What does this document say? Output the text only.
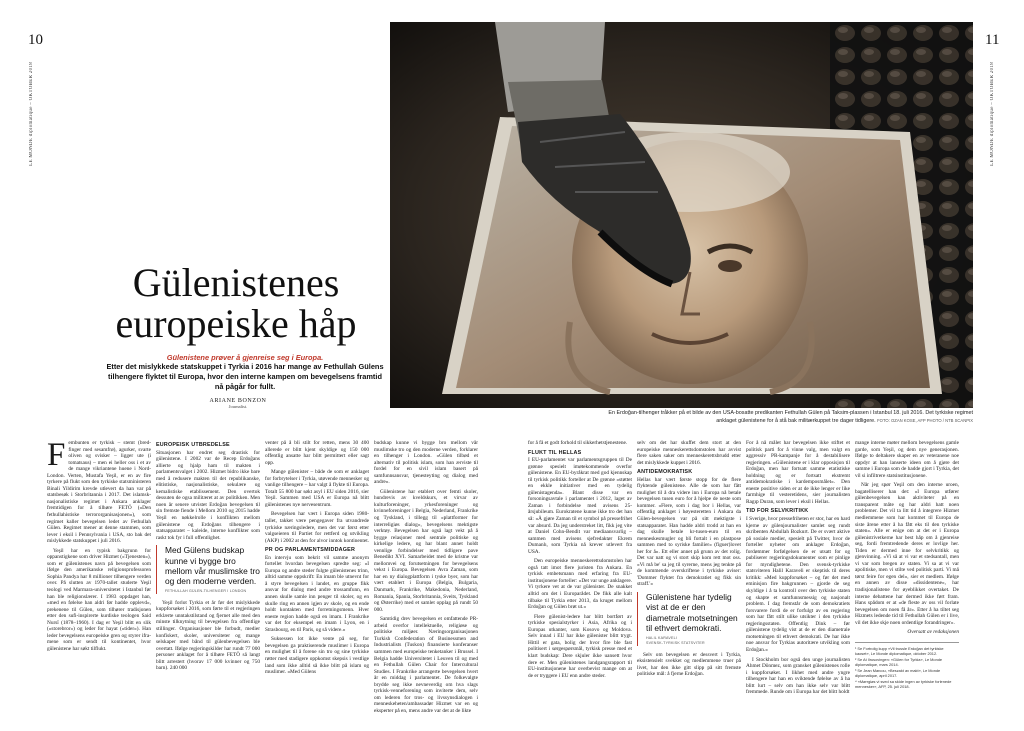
10	11
LE MONDE diplomatique – OKTOBER 2018	LE MONDE diplomatique – OKTOBER 2018
En Erdoğan-tilhenger tråkker på et bilde av den USA-bosatte predikanten Fethullah Gülen på Taksim-plassen i Istanbul 18. juli 2016. Det tyrkiske regimet anklaget gülenistene for å stå bak militærkuppet tre dager tidligere. FOTO: OZAN KOSE, AFP PHOTO / NTB SCANPIX
Gülenistenes
europeiske håp
Gülenistene prøver å gjenreise seg i Europa.
Etter det mislykkede statskuppet i Tyrkia i 2016 har mange av Fethullah Gülens tilhengere flyktet til Europa, hvor den interne kampen om bevegelsens framtid nå pågår for fullt.
ARIANE BONZON
Journalist.

Fembunten er tyrkisk – stemt (bred-finger med sesamfrø), agurker, svarte oliven og svisker – ligger ute (i tomatsaus) – men ei heller oss i et av de mange vikriantene huene i Nord-London. Verten, Mustafa Yeşil, er en av fire tyrkere på flukt som den tyrkiske statsministeren Binali Yildirim krevde utlevert da han var på statsbesøk i Storbritannia i 2017. Det islamsk-nasjonalistiske regimet i Ankara anklager fremtidigen for å tilhøre FETÖ («Den fethullahistiske terrororganisasjonen»), som regimet kaller bevegelsen ledet av Fethullah Gülen. Regimet mener at denne stammen, som lever i eksil i Pennsylvania i USA, sto bak det mislykkede statskuppet i juli 2016.

Yeşil har en typisk bakgrunn for oppanstigkene som driver Hizmet («Tjenesten»), som er gülenistenes navn på bevegelsen som ifølge den amerikanske religionsprofessoren Sophia Pandya har 8 millioner tilhengere verden over. På slutten av 1970-tallet studerte Yeşil teologi ved Marmara-universitetet i Istanbul før han ble religionslærer. I 1983 oppdaget han, «med en følelse han aldri før hadde opplevd», prekenene til Gülen, som tilhører tradisjonen etter den sufi-inspirerte kurdiske teologen Said Nursî (1878–1960). I dag er Yeşil blitt en slik («storebror») og leder for hayat («tider»). Han leder bevegelsens europeiske gren og styrer ifra-mene som er sendt til kontinentet, hvor gülenistene har søkt tilflukt.

EUROPEISK UTBREDELSE

Situasjonen har endret seg drastisk for gülenistene. I 2002 var de Recep Erdoğans allierte og hjalp ham til makten i parlamentsvalget i 2002. Hizmet bidro ikke bare med å redusere makten til det republikanske, elitistiske, nasjonalistiske, sekulære og kemalistiske etablissement. Den overtok dessuten de ogsa militæret at av politikken. Men noen år senere utvistet Erdoğan bevegelsen til sin fremste fiende i Mellom 2010 og 2015 hadde Yeşil en nøkkelrolle i konflikten mellom gülenistene og Erdoğans tilhengere i statsapparatet – kaleide, interne konflikter som raskt tok fyr i full offentlighet.

Med Gülens budskap kunne vi bygge bro mellom vår muslimske tro og den moderne verden.
FETHULLAH GÜLEN-TILHENGER I LONDON

Yeşil forlot Tyrkia et år før det mislykkede kuppforsøket i 2016, som førte til et regjeringen erklærte unntakstilstand og fjernet alle med den minste tilknytning til bevegelsen fra offentlige stillinger. Organisasjoner ble forbudt, medier konfiskert, skoler, universiteter og mange selskaper med bånd til gülenbevegelsen ble overtatt. Ifølge regjeringskilder har rundt 77 000 personer anklaget for å tilhøre FETÖ så langt blitt arrestert (hvorav 17 000 kvinner og 750 barn). 240 000

venter på å bli stilt for retten, mens 30 400 allerede er blitt kjent skyldige og 150 000 offentlig ansatte har blitt permittert eller sagt opp.

Mange gülenister – både de som er anklaget for forbrytelser i Tyrkia, utøvende mennesker og vanlige tilhengere – har valgt å flykte til Europa. Totalt 55 800 har søkt asyl i EU siden 2016, sier Yeşil. Sammen med USA er Europa nå blitt gülenistenes nye nervesentrum.

Bevegelsen har vært i Europa siden 1980-tallet, takket være pengegaver fra utvandrede tyrkiske næringsledere, men det var først etter valgseieren til Partiet for rettferd og utvikling (AKP) i 2002 at den for alvor inntok kontinentet.

PR OG PARLAMENTSMIDDAGER

En intervju som bekrit vil samme anonym fortellet hvordan bevegelsen spredte seg: «I Europa og andre steder fulgte gülenistenes trinn, alltid samme oppskrift: En imam ble utnevnt for å styre bevegelsen i landet, en gruppe fikk ansvar for dialog med andre trossamfunn, en annen skulle samle inn penger til skoler, og en skulle ring en annen igjen av skole, og en ende holdt kontakten med forretningsmenn. Hver eneste region hadde også en imam. I Frankrike var det for eksempel en imam i Lyon, en i Strasbourg, en til Paris, og så videre.»

Suksessen lot ikke vente på seg, for bevegelsen ga praktiserende muslimer i Europa en mulighet til å forene sin tro og sine tyrkiske røtter med stadigere oppkomst skepsis i vestlige land som ikke alltid så ikke blitt på islam og muslimer. «Med Gülens

budskap kunne vi bygge bro mellom vår muslimske tro og den moderne verden, forklarer en tilhenger i London. «Gülen tilbød et alternativ til politisk islam, som han ærviste til fordel for en sivil islam basert på samfunnsansvar, tjenesteyting og dialog med andre».

Gülenistene har etablert over femti skoler, hundrevis av kveldskurs, et virvar av kulturforeninger, yrkesforeninger og kvinneforeninger i Belgia, Nederland, Frankrike og Tyskland, i tillegg til «plattformer for interreligiøs dialog», bevegelsens mektigste verktøy. Bevegelsen har også lagt vekt på å bygge relasjoner med sentrale politiske og kirkelige ledere, og har blant annet holdt vennlige forbindelser med tidligere pave Benedikt XVI. Samarbeidet med de kristne var mellomvei og forutsetningen for bevegelsens vekst i Europa. Bevegelsen Avra Zaman, som har en ny dialogplattform i tyske byer, som har vært etablert i Europa (Belgia, Bulgaria, Danmark, Frankrike, Makedonia, Nederland, Romania, Spania, Storbritannia, Sveits, Tyskland og Østerrike) med et samlet opplag på rundt 50 000.

Samtidig drev bevegelsen et omfattende PR-arbeid overfor intellektuelle, religiøse og politiske miljøer. Næringsorganisasjonen Turkish Confederation of Businessmen and Industrialists (Tuskon) finansierte konferanser sammen med europeiske tenketanker i Brussel. I Belgia hadde Universitetet i Leuven til og med en Fethullah Gülen Chair for Intercultural Studies. I Frankrike arrangerte bevegelsen hvert år en middag i parlamentet. De folkevalgte brydde seg ikke nevneverdig om hva slags tyrkisk-venneforening som inviterte dem, selv om lederen for tros- og livssynsdialogen i menneskeheten/ambassadør Hizmet var en og eksperter på en, mens andre var det at de likte

for å få et godt forhold til sikkerhetstjenestene.

FLUKT TIL HELLAS

I EU-parlamentet var parlamentsgruppen til De grønne spesielt imøtekommende overfor gülenistene. En EU-byråkrat med god kjennskap til tyrkisk politikk forteller at De grønne «støttet en ekkle initiativer med en tydelig gülenistagenda». Blant disse var en forsoningsavtale i parlamentet i 2012, laget av Zaman i forbindelse med avisens 25-årsjubileum. Eurokratene kunne ikke tro det han så: «Å gjøre Zaman til et symbol på pressefrihet var absurd. Da jeg understreket litt, fikk jeg vite at Daniel Cohn-Bendit var mediaansvarlig – sammen med avisens sjefredaktør Ekrem Dumanlı, som Tyrkia nå krever utlevert fra USA.

Den europeiske menneskerettsdomstolen har også tatt imot flere juristen fra Ankara. En tyrkisk embetsmann med erfaring fra EU-institusjonene forteller: «Det var unge anklagere. Vi tyrkere vet at de var gülenister. De snakket alltid om det i Europarådet. De fikk alle kalt tilbake til Tyrkia etter 2013, da kruget mellom Erdoğan og Gülen brøt ut.»

Flere gülenist-ledere har blitt bortført av tyrkiske spesialstyrker i Asia, Afrika og i Europas utkanter, som Kosovo og Moldova. Selv innad i EU har ikke gülenister blitt trygt. Hittil er gata, bolig der hvor fire ble fast politisert i sørgespørsmål, tyrkisk presse med et klart budskap: Dere skjuler ikke uansett hvor dere er. Men gülenistenes landgangsrapport til EU-institusjonene har overbevist mange om at de er tryggere i EU enn andre steder.

selv om det har skuffet dem stort at den europeiske menneskerettsdomstolen har avvist flere saken saker om menneskerettsbrudd etter det mislykkede kuppet i 2016.

ANTIDEMOKRATISK

Hellas har vært første stopp for de flere flyktende gülenistene. Alle de som har fått mulighet til å dra videre inn i Europa nå betale bevegelsen tusen euro for å hjelpe de neste som kommer. «Flere, som i dag bor i Hellas, var offentlig anklaget i høyesteretten i Ankara da Gülen-bevegelsen var på sitt mektigste i statsapparatet. Han hadde aldri trodd at han en dag skulle betale kr-tusen-euro til en menneskesmugler og bli fortalt i en plastpose sammen med to syriske familier» (figuer)lovet her for å». Ett eller annet på grunn av det rolig. Det var natt og vi stort skip kom rett mot oss. «Vi må be' sa jeg til syrerne, mens jeg tenkte på de kommende overskriftene i tyrkiske aviser: 'Dommer flyktet fra demokratiet og fikk sin straff.'»

Gülenistene har tydelig vist at de er den diametrale motsetningen til ethvert demokrati.
HALIL KARAVELI
SVENSK-TYRKISK STATSVITER

Selv om bevegelsen er dessvert i Tyrkia, eksistensielt svekket og medlemmene truer på livet, har den ikke gitt slipp på sitt fremste politiske mål: å fjerne Erdoğan.

For å nå målet har bevegelsen ikke stiftet et politisk parti for å vinne valg, men valgt en aggressiv PR-kampanje for å destabilisere regjeringen. «Gülenistene er i klar opposisjon til Erdoğan, men har fortsatt samme etatistiske holdning og er fortsatt ekstremt antidemokratiske i kardemposmålet». Den eneste positive siden er at de ikke lenger er like farmhige til vesteretidens, sier journalisten Ragıp Duran, som lever i eksil i Hellas.

TID FOR SELVKRITIKK

I Sverige, hvor pressefriheten er stor, har en hard kjerne av gülenjournalister samlet seg rundt skribenten Abdullah Bozkurt. De er svært aktive på sosiale medier, spesielt på Twitter, hvor de forteller nyheter om anklager Erdoğan, fordømmer forfølgelsen de er utsatt for og publiserer regjeringsdokumenter som er pinlige for myndighetene. Den svensk-tyrkiske statsviteren Halil Karaveli er skeptisk til deres kritikk: «Med kuppforsøket – og før det med eminisjon fire bakgrunnen – gjorde de seg skyldige i å ta kontroll over den tyrkiske staten og skapte et samfunnsmessig og nasjonalt problem. I dag fremstår de som demokratiets forsvarere fordi de er forfulgt av en regjering som har fått stilt ulike utsikter i den tyrkiske regjeringsstaten. Offentlig Dink – før gülenistene tydelig vist at de er den diametrale motsetningen til ethvert demokrati. De har ikke noe ansvar for Tyrkias autoritære utvikling som Erdoğan.»

I Stockholm bor også den unge journalisten Ahmet Dönmez, som gransket gülenistenes rolle i kuppforsøket. I likhet med andre yngre tilhengere har han en sviktende følelse av å ha blitt lurt – selv om han ikke selv var blitt fremmede. Runde om i Europa har det blitt holdt

mange interne møter mellom bevegelsens gamle garde, som Yeşil, og dem nye generasjonen. Ifølge to deltakere skaper en av veteranene noe oppdyr at han lanserte ideen om å gjøre det samme i Europa som de hadde gjort i Tyrkia, det vil si infiltrere statsinstitusjonene.

Når jeg spør Yeşil om den interne uroen, bagatelliserer han det: «I Europa utfører gülenbevegelsen kan aktiviteter på en transparent måte og har aldri hatt noen problemer. Det vil ta litt tid å integrere Hizmet medlemmene som har kommet til Europa de siste årene etter å ha fått eks til den tyrkiske staten». Alle er enige om at det er i Europa gülenistrivetkerne har best håp om å gjenreise seg, fordi fremtredende deres er lovlige her. Tiden er dermed inne for selvkritikk og gjenvinning. «Vi så at vi var et stedsantall, men vi var som bregen av staten. Vi sa at vi var apolitiske, men vi stilte ved politisk parti. Vi må tørst feire for egen del», sier et medlem. Ifølge en annen av disse «dissidentene», har tradisjonalistene for øyeblikket overtaket. De interne debattene har dermed ikke ført fram. Hans spådom er at «de fleste av oss vil forlate bevegelsen om noen få år». Etter å ha tiltet seg Hizmets ledende tid til Fethullah Gülen er i live, vil det ikke skje noen ordentlige forandringer».

Oversatt av redaksjonen

¹ Se Fortrolig kupp «Vil trussle Erdoğan det tyrkiske kaoset», Le Monde diplomatique, oktober 2012.
² Se At Ilrusovingen: «Gülen for Tyrkia», Le Monde diplomatique, mars 2014.
³ Se Jean Marcou, «Beszakt av makt», Le Monde diplomatique, april 2017.
⁴ «Mørrgiøs vi sved sa skide ingen av tyrkiske forlenede mennesker», AFP, 25. juli 2018.
